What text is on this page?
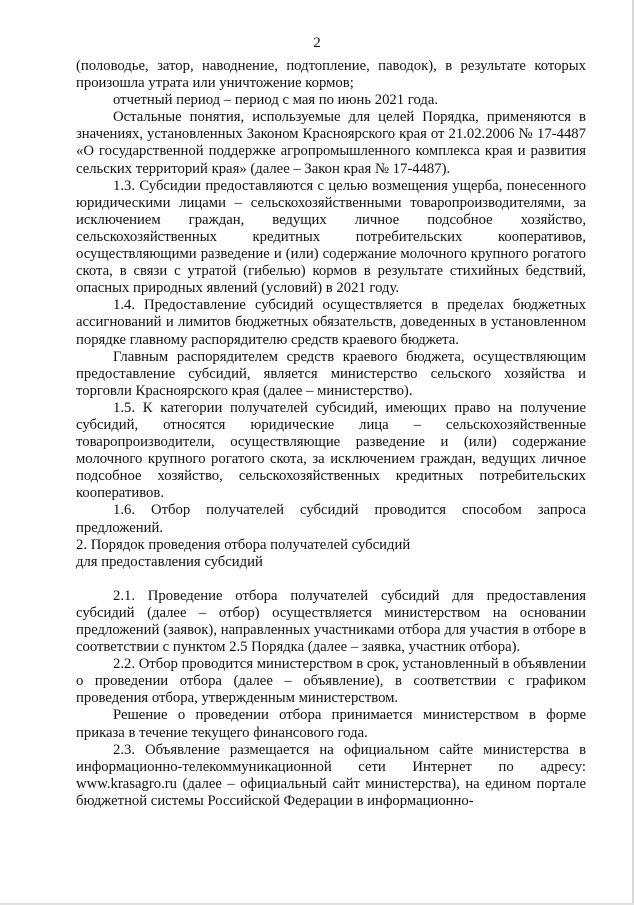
2

(половодье, затор, наводнение, подтопление, паводок), в результате которых произошла утрата или уничтожение кормов;

отчетный период – период с мая по июнь 2021 года.

Остальные понятия, используемые для целей Порядка, применяются в значениях, установленных Законом Красноярского края от 21.02.2006 № 17-4487 «О государственной поддержке агропромышленного комплекса края и развития сельских территорий края» (далее – Закон края № 17-4487).

1.3. Субсидии предоставляются с целью возмещения ущерба, понесенного юридическими лицами – сельскохозяйственными товаропроизводителями, за исключением граждан, ведущих личное подсобное хозяйство, сельскохозяйственных кредитных потребительских кооперативов, осуществляющими разведение и (или) содержание молочного крупного рогатого скота, в связи с утратой (гибелью) кормов в результате стихийных бедствий, опасных природных явлений (условий) в 2021 году.

1.4. Предоставление субсидий осуществляется в пределах бюджетных ассигнований и лимитов бюджетных обязательств, доведенных в установленном порядке главному распорядителю средств краевого бюджета.

Главным распорядителем средств краевого бюджета, осуществляющим предоставление субсидий, является министерство сельского хозяйства и торговли Красноярского края (далее – министерство).

1.5. К категории получателей субсидий, имеющих право на получение субсидий, относятся юридические лица – сельскохозяйственные товаропроизводители, осуществляющие разведение и (или) содержание молочного крупного рогатого скота, за исключением граждан, ведущих личное подсобное хозяйство, сельскохозяйственных кредитных потребительских кооперативов.

1.6. Отбор получателей субсидий проводится способом запроса предложений.

2. Порядок проведения отбора получателей субсидий
для предоставления субсидий

2.1. Проведение отбора получателей субсидий для предоставления субсидий (далее – отбор) осуществляется министерством на основании предложений (заявок), направленных участниками отбора для участия в отборе в соответствии с пунктом 2.5 Порядка (далее – заявка, участник отбора).

2.2. Отбор проводится министерством в срок, установленный в объявлении о проведении отбора (далее – объявление), в соответствии с графиком проведения отбора, утвержденным министерством.

Решение о проведении отбора принимается министерством в форме приказа в течение текущего финансового года.

2.3. Объявление размещается на официальном сайте министерства в информационно-телекоммуникационной сети Интернет по адресу: www.krasagro.ru (далее – официальный сайт министерства), на едином портале бюджетной системы Российской Федерации в информационно-
